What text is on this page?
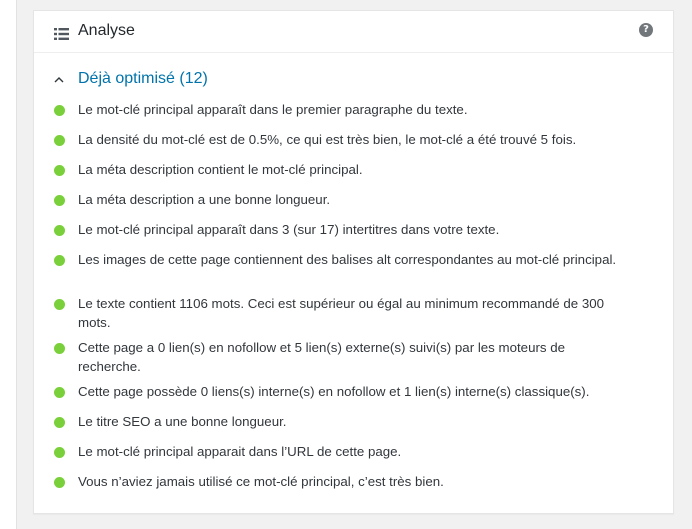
Analyse	?
Déjà optimisé (12)
Le mot-clé principal apparaît dans le premier paragraphe du texte.
La densité du mot-clé est de 0.5%, ce qui est très bien, le mot-clé a été trouvé 5 fois.
La méta description contient le mot-clé principal.
La méta description a une bonne longueur.
Le mot-clé principal apparaît dans 3 (sur 17) intertitres dans votre texte.
Les images de cette page contiennent des balises alt correspondantes au mot-clé principal.
Le texte contient 1106 mots. Ceci est supérieur ou égal au minimum recommandé de 300 mots.
Cette page a 0 lien(s) en nofollow et 5 lien(s) externe(s) suivi(s) par les moteurs de recherche.
Cette page possède 0 liens(s) interne(s) en nofollow et 1 lien(s) interne(s) classique(s).
Le titre SEO a une bonne longueur.
Le mot-clé principal apparait dans l’URL de cette page.
Vous n’aviez jamais utilisé ce mot-clé principal, c’est très bien.
